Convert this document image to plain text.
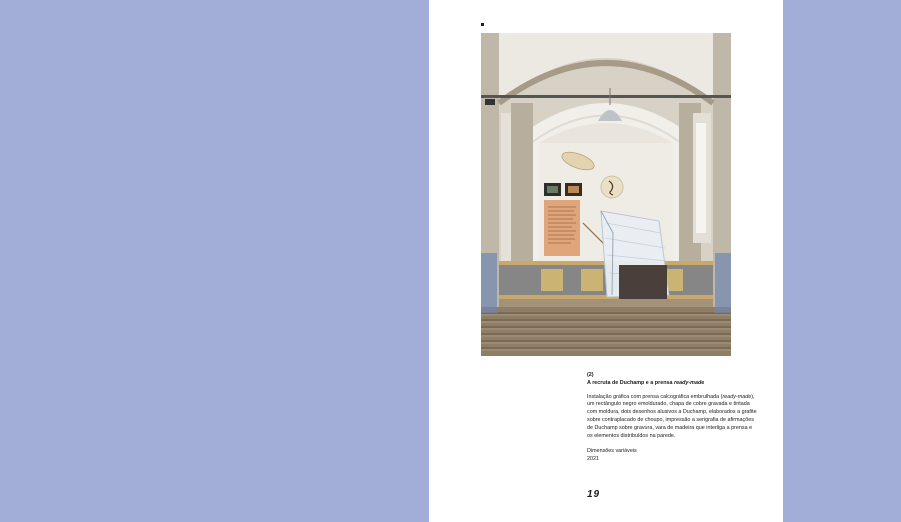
(2)
A recruta de Duchamp e a prensa ready-made
Instalação gráfica com prensa calcográfica embrulhada (ready-made), um rectângulo negro emoldurado, chapa de cobre gravada e tintada com moldura, dois desenhos alusivos a Duchamp, elaborados a grafite sobre contraplacado de choupo, impressão a serigrafia de afirmações de Duchamp sobre gravura, vara de madeira que interliga a prensa e os elementos distribuídos na parede.
Dimensões variáveis
2021
19
